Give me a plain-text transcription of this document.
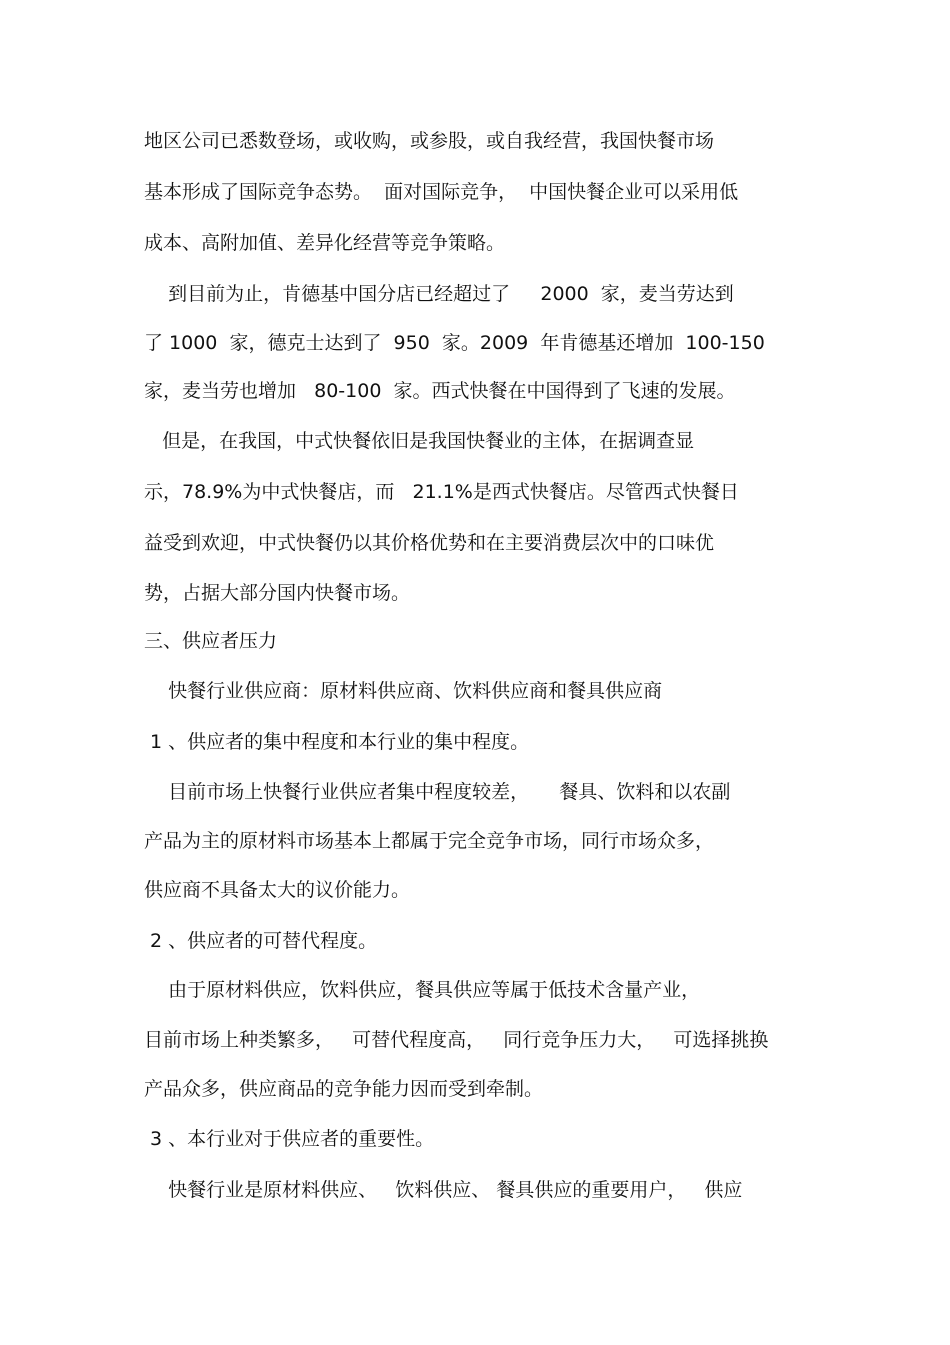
地区公司已悉数登场，或收购，或参股，或自我经营，我国快餐市场
基本形成了国际竞争态势。  面对国际竞争，  中国快餐企业可以采用低
成本、高附加值、差异化经营等竞争策略。
到目前为止，肯德基中国分店已经超过了     2000  家，麦当劳达到
了 1000  家，德克士达到了  950  家。2009  年肯德基还增加  100-150
家，麦当劳也增加   80-100  家。西式快餐在中国得到了飞速的发展。
但是，在我国，中式快餐依旧是我国快餐业的主体，在据调查显
示，78.9%为中式快餐店，而   21.1%是西式快餐店。尽管西式快餐日
益受到欢迎，中式快餐仍以其价格优势和在主要消费层次中的口味优
势，占据大部分国内快餐市场。
三、供应者压力
快餐行业供应商：原材料供应商、饮料供应商和餐具供应商
1 、供应者的集中程度和本行业的集中程度。
目前市场上快餐行业供应者集中程度较差，     餐具、饮料和以农副
产品为主的原材料市场基本上都属于完全竞争市场，同行市场众多，
供应商不具备太大的议价能力。
2 、供应者的可替代程度。
由于原材料供应，饮料供应，餐具供应等属于低技术含量产业，
目前市场上种类繁多，   可替代程度高，   同行竞争压力大，   可选择挑换
产品众多，供应商品的竞争能力因而受到牵制。
3 、本行业对于供应者的重要性。
快餐行业是原材料供应、   饮料供应、 餐具供应的重要用户，   供应
